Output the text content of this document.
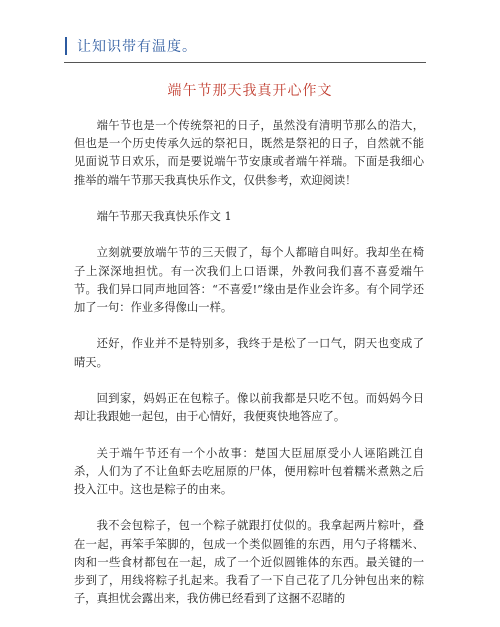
让知识带有温度。
端午节那天我真开心作文

端午节也是一个传统祭祀的日子，虽然没有清明节那么的浩大，但也是一个历史传承久远的祭祀日，既然是祭祀的日子，自然就不能见面说节日欢乐，而是要说端午节安康或者端午祥瑞。下面是我细心推举的端午节那天我真快乐作文，仅供参考，欢迎阅读！

端午节那天我真快乐作文 1

立刻就要放端午节的三天假了，每个人都暗自叫好。我却坐在椅子上深深地担忧。有一次我们上口语课，外教问我们喜不喜爱端午节。我们异口同声地回答：“不喜爱!”缘由是作业会许多。有个同学还加了一句：作业多得像山一样。

还好，作业并不是特别多，我终于是松了一口气，阴天也变成了晴天。

回到家，妈妈正在包粽子。像以前我都是只吃不包。而妈妈今日却让我跟她一起包，由于心情好，我便爽快地答应了。

关于端午节还有一个小故事：楚国大臣屈原受小人诬陷跳江自杀，人们为了不让鱼虾去吃屈原的尸体，便用粽叶包着糯米煮熟之后投入江中。这也是粽子的由来。

我不会包粽子，包一个粽子就跟打仗似的。我拿起两片粽叶，叠在一起，再笨手笨脚的，包成一个类似圆锥的东西，用勺子将糯米、肉和一些食材都包在一起，成了一个近似圆锥体的东西。最关键的一步到了，用线将粽子扎起来。我看了一下自己花了几分钟包出来的粽子，真担忧会露出来，我仿佛已经看到了这捆不忍睹的
